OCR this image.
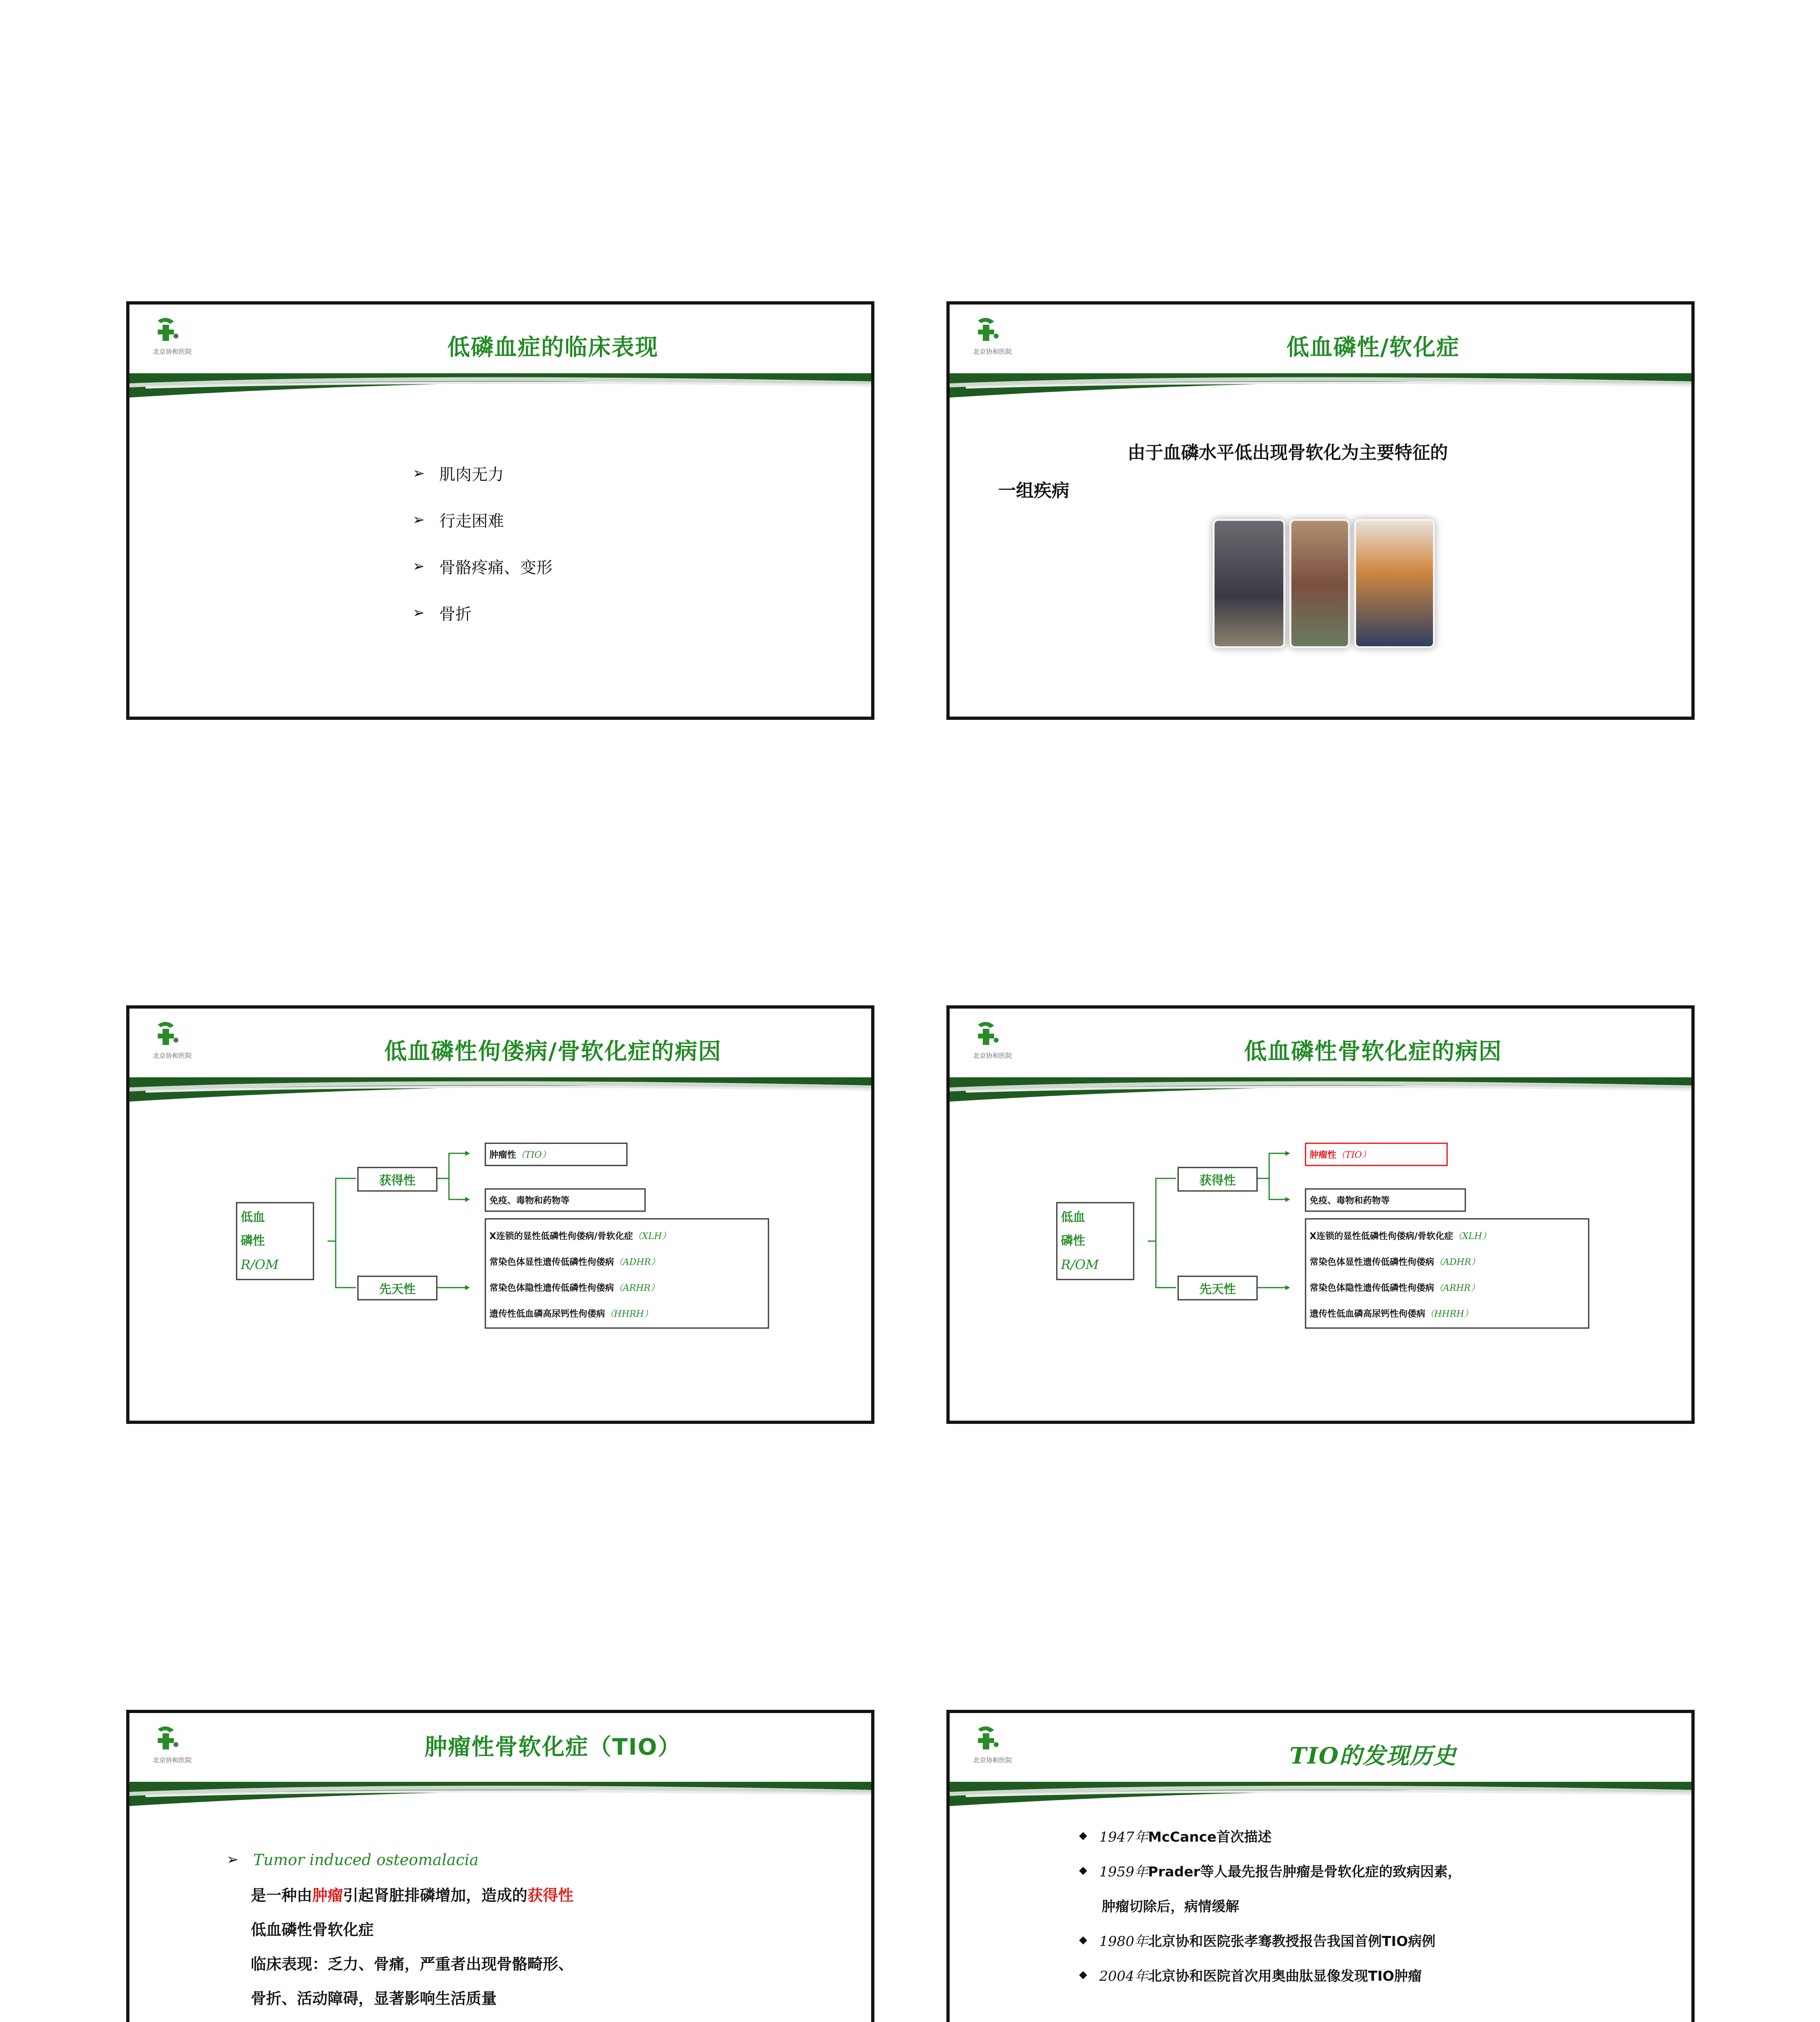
北京协和医院	低磷血症的临床表现
➢ 肌肉无力
➢ 行走困难
➢ 骨骼疼痛、变形
➢ 骨折
北京协和医院	低血磷性/软化症
由于血磷水平低出现骨软化为主要特征的
一组疾病
北京协和医院	低血磷性佝偻病/骨软化症的病因
低血
磷性
R/OM
获得性
先天性
肿瘤性 （TIO）
免疫、毒物和药物等
X连锁的显性低磷性佝偻病/骨软化症 （XLH）
常染色体显性遗传低磷性佝偻病 （ADHR）
常染色体隐性遗传低磷性佝偻病 （ARHR）
遗传性低血磷高尿钙性佝偻病 （HHRH）
北京协和医院	低血磷性骨软化症的病因
低血
磷性
R/OM
获得性
先天性
肿瘤性 （TIO）
免疫、毒物和药物等
X连锁的显性低磷性佝偻病/骨软化症 （XLH）
常染色体显性遗传低磷性佝偻病 （ADHR）
常染色体隐性遗传低磷性佝偻病 （ARHR）
遗传性低血磷高尿钙性佝偻病 （HHRH）
北京协和医院	肿瘤性骨软化症（TIO）
➢ Tumor induced osteomalacia
是一种由 肿瘤 引起肾脏排磷增加，造成的 获得性
低血磷性骨软化症
临床表现：乏力、骨痛，严重者出现骨骼畸形、
骨折、活动障碍，显著影响生活质量
北京协和医院	TIO的发现历史
◆ 1947年 McCance首次描述
◆ 1959年 Prader等人最先报告肿瘤是骨软化症的致病因素，
肿瘤切除后，病情缓解
◆ 1980年 北京协和医院张孝骞教授报告我国首例TIO病例
◆ 2004年 北京协和医院首次用奥曲肽显像发现TIO肿瘤
